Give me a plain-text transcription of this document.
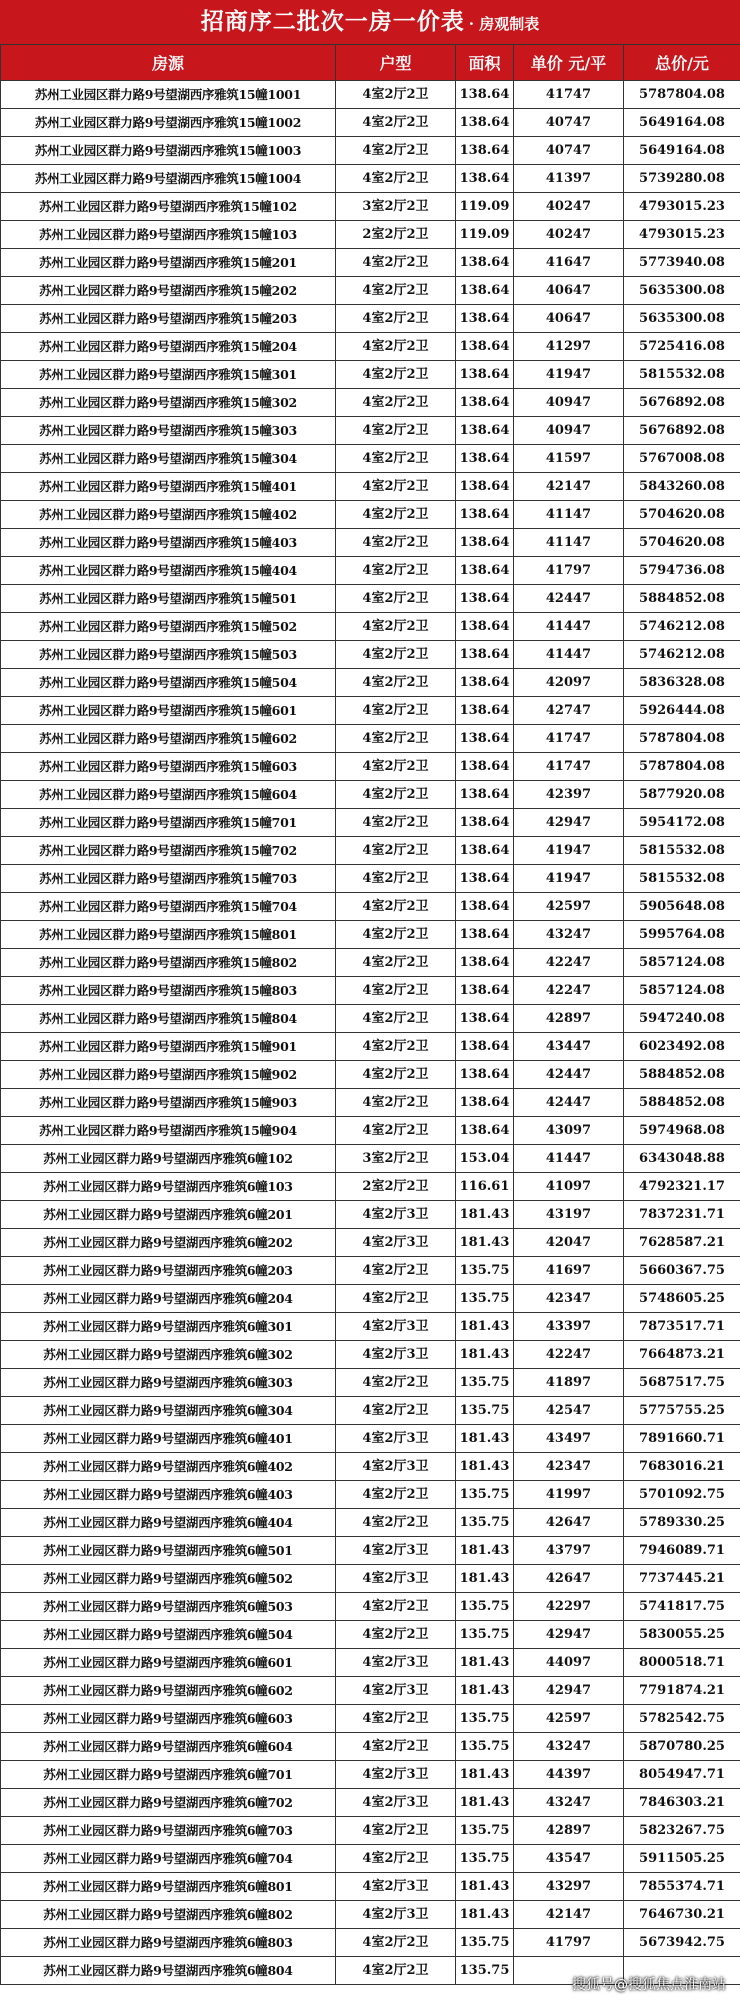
招商序二批次一房一价表 · 房观制表
房源	户型	面积	单价 元/平	总价/元
苏州工业园区群力路9号望湖西序雅筑15幢1001	4室2厅2卫	138.64	41747	5787804.08
苏州工业园区群力路9号望湖西序雅筑15幢1002	4室2厅2卫	138.64	40747	5649164.08
苏州工业园区群力路9号望湖西序雅筑15幢1003	4室2厅2卫	138.64	40747	5649164.08
苏州工业园区群力路9号望湖西序雅筑15幢1004	4室2厅2卫	138.64	41397	5739280.08
苏州工业园区群力路9号望湖西序雅筑15幢102	3室2厅2卫	119.09	40247	4793015.23
苏州工业园区群力路9号望湖西序雅筑15幢103	2室2厅2卫	119.09	40247	4793015.23
苏州工业园区群力路9号望湖西序雅筑15幢201	4室2厅2卫	138.64	41647	5773940.08
苏州工业园区群力路9号望湖西序雅筑15幢202	4室2厅2卫	138.64	40647	5635300.08
苏州工业园区群力路9号望湖西序雅筑15幢203	4室2厅2卫	138.64	40647	5635300.08
苏州工业园区群力路9号望湖西序雅筑15幢204	4室2厅2卫	138.64	41297	5725416.08
苏州工业园区群力路9号望湖西序雅筑15幢301	4室2厅2卫	138.64	41947	5815532.08
苏州工业园区群力路9号望湖西序雅筑15幢302	4室2厅2卫	138.64	40947	5676892.08
苏州工业园区群力路9号望湖西序雅筑15幢303	4室2厅2卫	138.64	40947	5676892.08
苏州工业园区群力路9号望湖西序雅筑15幢304	4室2厅2卫	138.64	41597	5767008.08
苏州工业园区群力路9号望湖西序雅筑15幢401	4室2厅2卫	138.64	42147	5843260.08
苏州工业园区群力路9号望湖西序雅筑15幢402	4室2厅2卫	138.64	41147	5704620.08
苏州工业园区群力路9号望湖西序雅筑15幢403	4室2厅2卫	138.64	41147	5704620.08
苏州工业园区群力路9号望湖西序雅筑15幢404	4室2厅2卫	138.64	41797	5794736.08
苏州工业园区群力路9号望湖西序雅筑15幢501	4室2厅2卫	138.64	42447	5884852.08
苏州工业园区群力路9号望湖西序雅筑15幢502	4室2厅2卫	138.64	41447	5746212.08
苏州工业园区群力路9号望湖西序雅筑15幢503	4室2厅2卫	138.64	41447	5746212.08
苏州工业园区群力路9号望湖西序雅筑15幢504	4室2厅2卫	138.64	42097	5836328.08
苏州工业园区群力路9号望湖西序雅筑15幢601	4室2厅2卫	138.64	42747	5926444.08
苏州工业园区群力路9号望湖西序雅筑15幢602	4室2厅2卫	138.64	41747	5787804.08
苏州工业园区群力路9号望湖西序雅筑15幢603	4室2厅2卫	138.64	41747	5787804.08
苏州工业园区群力路9号望湖西序雅筑15幢604	4室2厅2卫	138.64	42397	5877920.08
苏州工业园区群力路9号望湖西序雅筑15幢701	4室2厅2卫	138.64	42947	5954172.08
苏州工业园区群力路9号望湖西序雅筑15幢702	4室2厅2卫	138.64	41947	5815532.08
苏州工业园区群力路9号望湖西序雅筑15幢703	4室2厅2卫	138.64	41947	5815532.08
苏州工业园区群力路9号望湖西序雅筑15幢704	4室2厅2卫	138.64	42597	5905648.08
苏州工业园区群力路9号望湖西序雅筑15幢801	4室2厅2卫	138.64	43247	5995764.08
苏州工业园区群力路9号望湖西序雅筑15幢802	4室2厅2卫	138.64	42247	5857124.08
苏州工业园区群力路9号望湖西序雅筑15幢803	4室2厅2卫	138.64	42247	5857124.08
苏州工业园区群力路9号望湖西序雅筑15幢804	4室2厅2卫	138.64	42897	5947240.08
苏州工业园区群力路9号望湖西序雅筑15幢901	4室2厅2卫	138.64	43447	6023492.08
苏州工业园区群力路9号望湖西序雅筑15幢902	4室2厅2卫	138.64	42447	5884852.08
苏州工业园区群力路9号望湖西序雅筑15幢903	4室2厅2卫	138.64	42447	5884852.08
苏州工业园区群力路9号望湖西序雅筑15幢904	4室2厅2卫	138.64	43097	5974968.08
苏州工业园区群力路9号望湖西序雅筑6幢102	3室2厅2卫	153.04	41447	6343048.88
苏州工业园区群力路9号望湖西序雅筑6幢103	2室2厅2卫	116.61	41097	4792321.17
苏州工业园区群力路9号望湖西序雅筑6幢201	4室2厅3卫	181.43	43197	7837231.71
苏州工业园区群力路9号望湖西序雅筑6幢202	4室2厅3卫	181.43	42047	7628587.21
苏州工业园区群力路9号望湖西序雅筑6幢203	4室2厅2卫	135.75	41697	5660367.75
苏州工业园区群力路9号望湖西序雅筑6幢204	4室2厅2卫	135.75	42347	5748605.25
苏州工业园区群力路9号望湖西序雅筑6幢301	4室2厅3卫	181.43	43397	7873517.71
苏州工业园区群力路9号望湖西序雅筑6幢302	4室2厅3卫	181.43	42247	7664873.21
苏州工业园区群力路9号望湖西序雅筑6幢303	4室2厅2卫	135.75	41897	5687517.75
苏州工业园区群力路9号望湖西序雅筑6幢304	4室2厅2卫	135.75	42547	5775755.25
苏州工业园区群力路9号望湖西序雅筑6幢401	4室2厅3卫	181.43	43497	7891660.71
苏州工业园区群力路9号望湖西序雅筑6幢402	4室2厅3卫	181.43	42347	7683016.21
苏州工业园区群力路9号望湖西序雅筑6幢403	4室2厅2卫	135.75	41997	5701092.75
苏州工业园区群力路9号望湖西序雅筑6幢404	4室2厅2卫	135.75	42647	5789330.25
苏州工业园区群力路9号望湖西序雅筑6幢501	4室2厅3卫	181.43	43797	7946089.71
苏州工业园区群力路9号望湖西序雅筑6幢502	4室2厅3卫	181.43	42647	7737445.21
苏州工业园区群力路9号望湖西序雅筑6幢503	4室2厅2卫	135.75	42297	5741817.75
苏州工业园区群力路9号望湖西序雅筑6幢504	4室2厅2卫	135.75	42947	5830055.25
苏州工业园区群力路9号望湖西序雅筑6幢601	4室2厅3卫	181.43	44097	8000518.71
苏州工业园区群力路9号望湖西序雅筑6幢602	4室2厅3卫	181.43	42947	7791874.21
苏州工业园区群力路9号望湖西序雅筑6幢603	4室2厅2卫	135.75	42597	5782542.75
苏州工业园区群力路9号望湖西序雅筑6幢604	4室2厅2卫	135.75	43247	5870780.25
苏州工业园区群力路9号望湖西序雅筑6幢701	4室2厅3卫	181.43	44397	8054947.71
苏州工业园区群力路9号望湖西序雅筑6幢702	4室2厅3卫	181.43	43247	7846303.21
苏州工业园区群力路9号望湖西序雅筑6幢703	4室2厅2卫	135.75	42897	5823267.75
苏州工业园区群力路9号望湖西序雅筑6幢704	4室2厅2卫	135.75	43547	5911505.25
苏州工业园区群力路9号望湖西序雅筑6幢801	4室2厅3卫	181.43	43297	7855374.71
苏州工业园区群力路9号望湖西序雅筑6幢802	4室2厅3卫	181.43	42147	7646730.21
苏州工业园区群力路9号望湖西序雅筑6幢803	4室2厅2卫	135.75	41797	5673942.75
苏州工业园区群力路9号望湖西序雅筑6幢804	4室2厅2卫	135.75		
搜狐号@搜狐焦点淮南站
